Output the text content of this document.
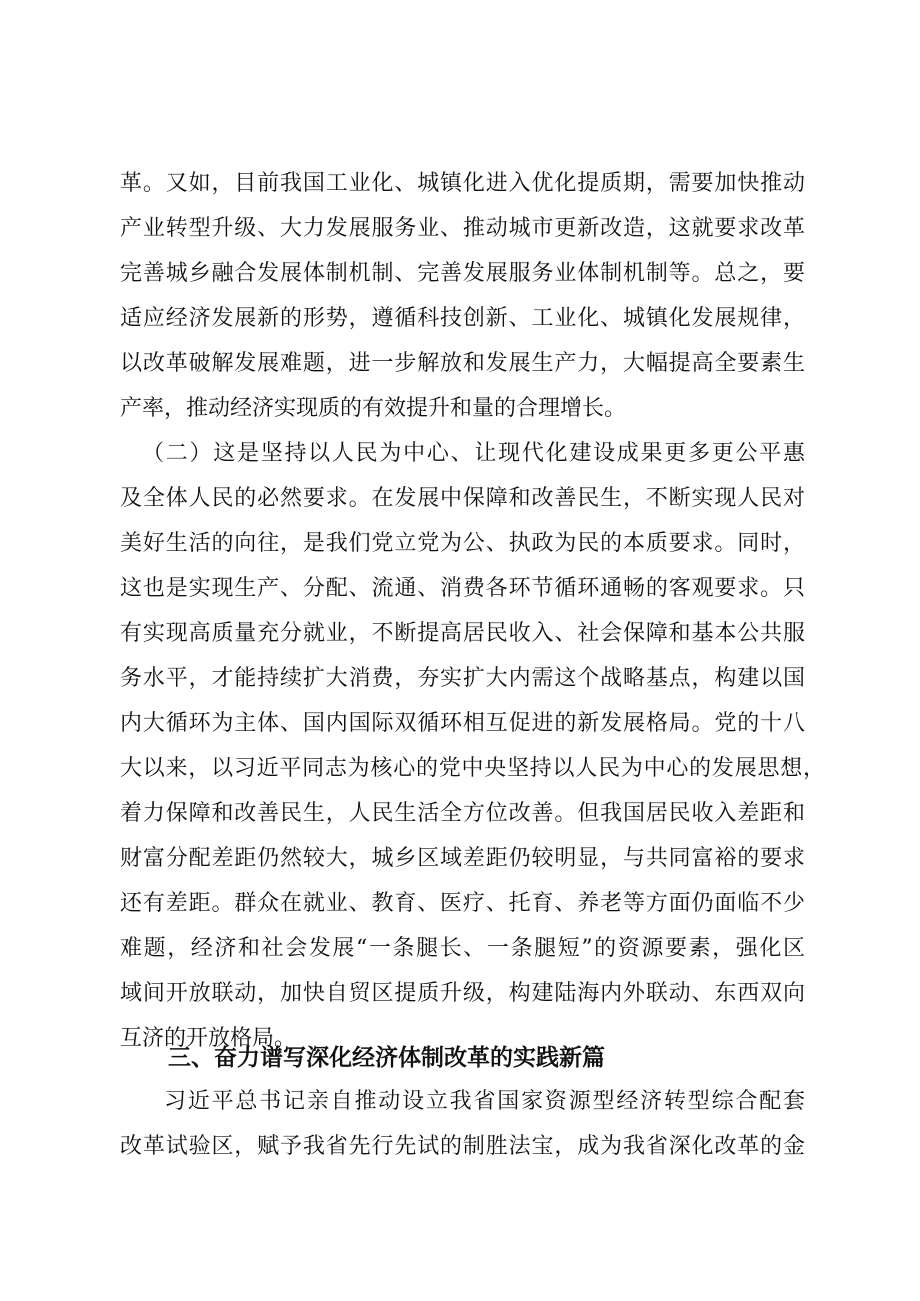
革。又如，目前我国工业化、城镇化进入优化提质期，需要加快推动
产业转型升级、大力发展服务业、推动城市更新改造，这就要求改革
完善城乡融合发展体制机制、完善发展服务业体制机制等。总之，要
适应经济发展新的形势，遵循科技创新、工业化、城镇化发展规律，
以改革破解发展难题，进一步解放和发展生产力，大幅提高全要素生
产率，推动经济实现质的有效提升和量的合理增长。
（二）这是坚持以人民为中心、让现代化建设成果更多更公平惠
及全体人民的必然要求。在发展中保障和改善民生，不断实现人民对
美好生活的向往，是我们党立党为公、执政为民的本质要求。同时，
这也是实现生产、分配、流通、消费各环节循环通畅的客观要求。只
有实现高质量充分就业，不断提高居民收入、社会保障和基本公共服
务水平，才能持续扩大消费，夯实扩大内需这个战略基点，构建以国
内大循环为主体、国内国际双循环相互促进的新发展格局。党的十八
大以来，以习近平同志为核心的党中央坚持以人民为中心的发展思想，
着力保障和改善民生，人民生活全方位改善。但我国居民收入差距和
财富分配差距仍然较大，城乡区域差距仍较明显，与共同富裕的要求
还有差距。群众在就业、教育、医疗、托育、养老等方面仍面临不少
难题，经济和社会发展“一条腿长、一条腿短”的资源要素，强化区
域间开放联动，加快自贸区提质升级，构建陆海内外联动、东西双向
互济的开放格局。
三、奋力谱写深化经济体制改革的实践新篇
习近平总书记亲自推动设立我省国家资源型经济转型综合配套
改革试验区，赋予我省先行先试的制胜法宝，成为我省深化改革的金
